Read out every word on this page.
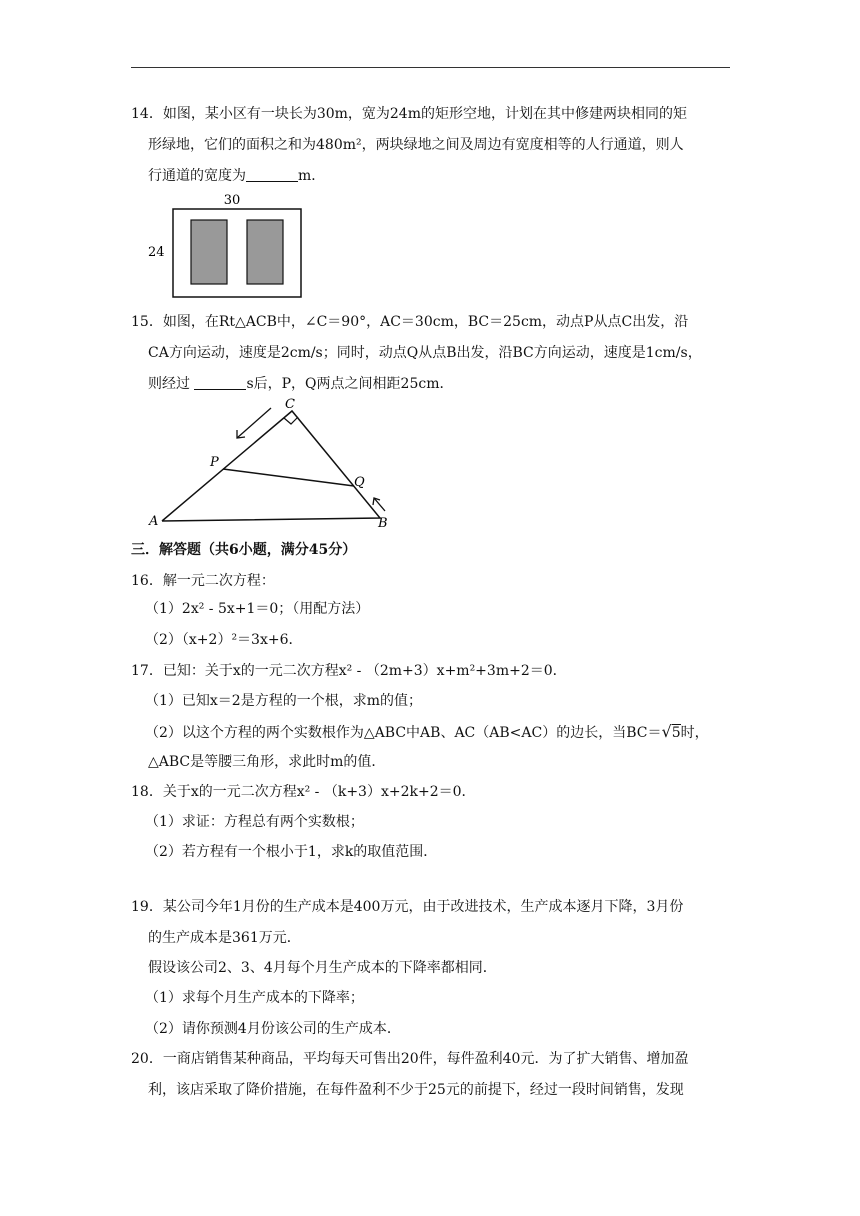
14．如图，某小区有一块长为30m，宽为24m的矩形空地，计划在其中修建两块相同的矩
形绿地，它们的面积之和为480m²，两块绿地之间及周边有宽度相等的人行通道，则人
行通道的宽度为	m．
30
24
15．如图，在Rt△ACB中，∠C＝90°，AC＝30cm，BC＝25cm，动点P从点C出发，沿
CA方向运动，速度是2cm/s；同时，动点Q从点B出发，沿BC方向运动，速度是1cm/s，
则经过	s后，P，Q两点之间相距25cm．
C
P
Q
A	B
三．解答题（共6小题，满分45分）
16．解一元二次方程：
（1）2x² - 5x+1＝0；（用配方法）
（2）（x+2）²＝3x+6．
17．已知：关于x的一元二次方程x² - （2m+3）x+m²+3m+2＝0．
（1）已知x＝2是方程的一个根，求m的值；
（2）以这个方程的两个实数根作为△ABC中AB、AC（AB<AC）的边长，当BC＝√5时，
△ABC是等腰三角形，求此时m的值．
18．关于x的一元二次方程x² - （k+3）x+2k+2＝0．
（1）求证：方程总有两个实数根；
（2）若方程有一个根小于1，求k的取值范围．
19．某公司今年1月份的生产成本是400万元，由于改进技术，生产成本逐月下降，3月份
的生产成本是361万元．
假设该公司2、3、4月每个月生产成本的下降率都相同．
（1）求每个月生产成本的下降率；
（2）请你预测4月份该公司的生产成本．
20．一商店销售某种商品，平均每天可售出20件，每件盈利40元．为了扩大销售、增加盈
利，该店采取了降价措施，在每件盈利不少于25元的前提下，经过一段时间销售，发现
